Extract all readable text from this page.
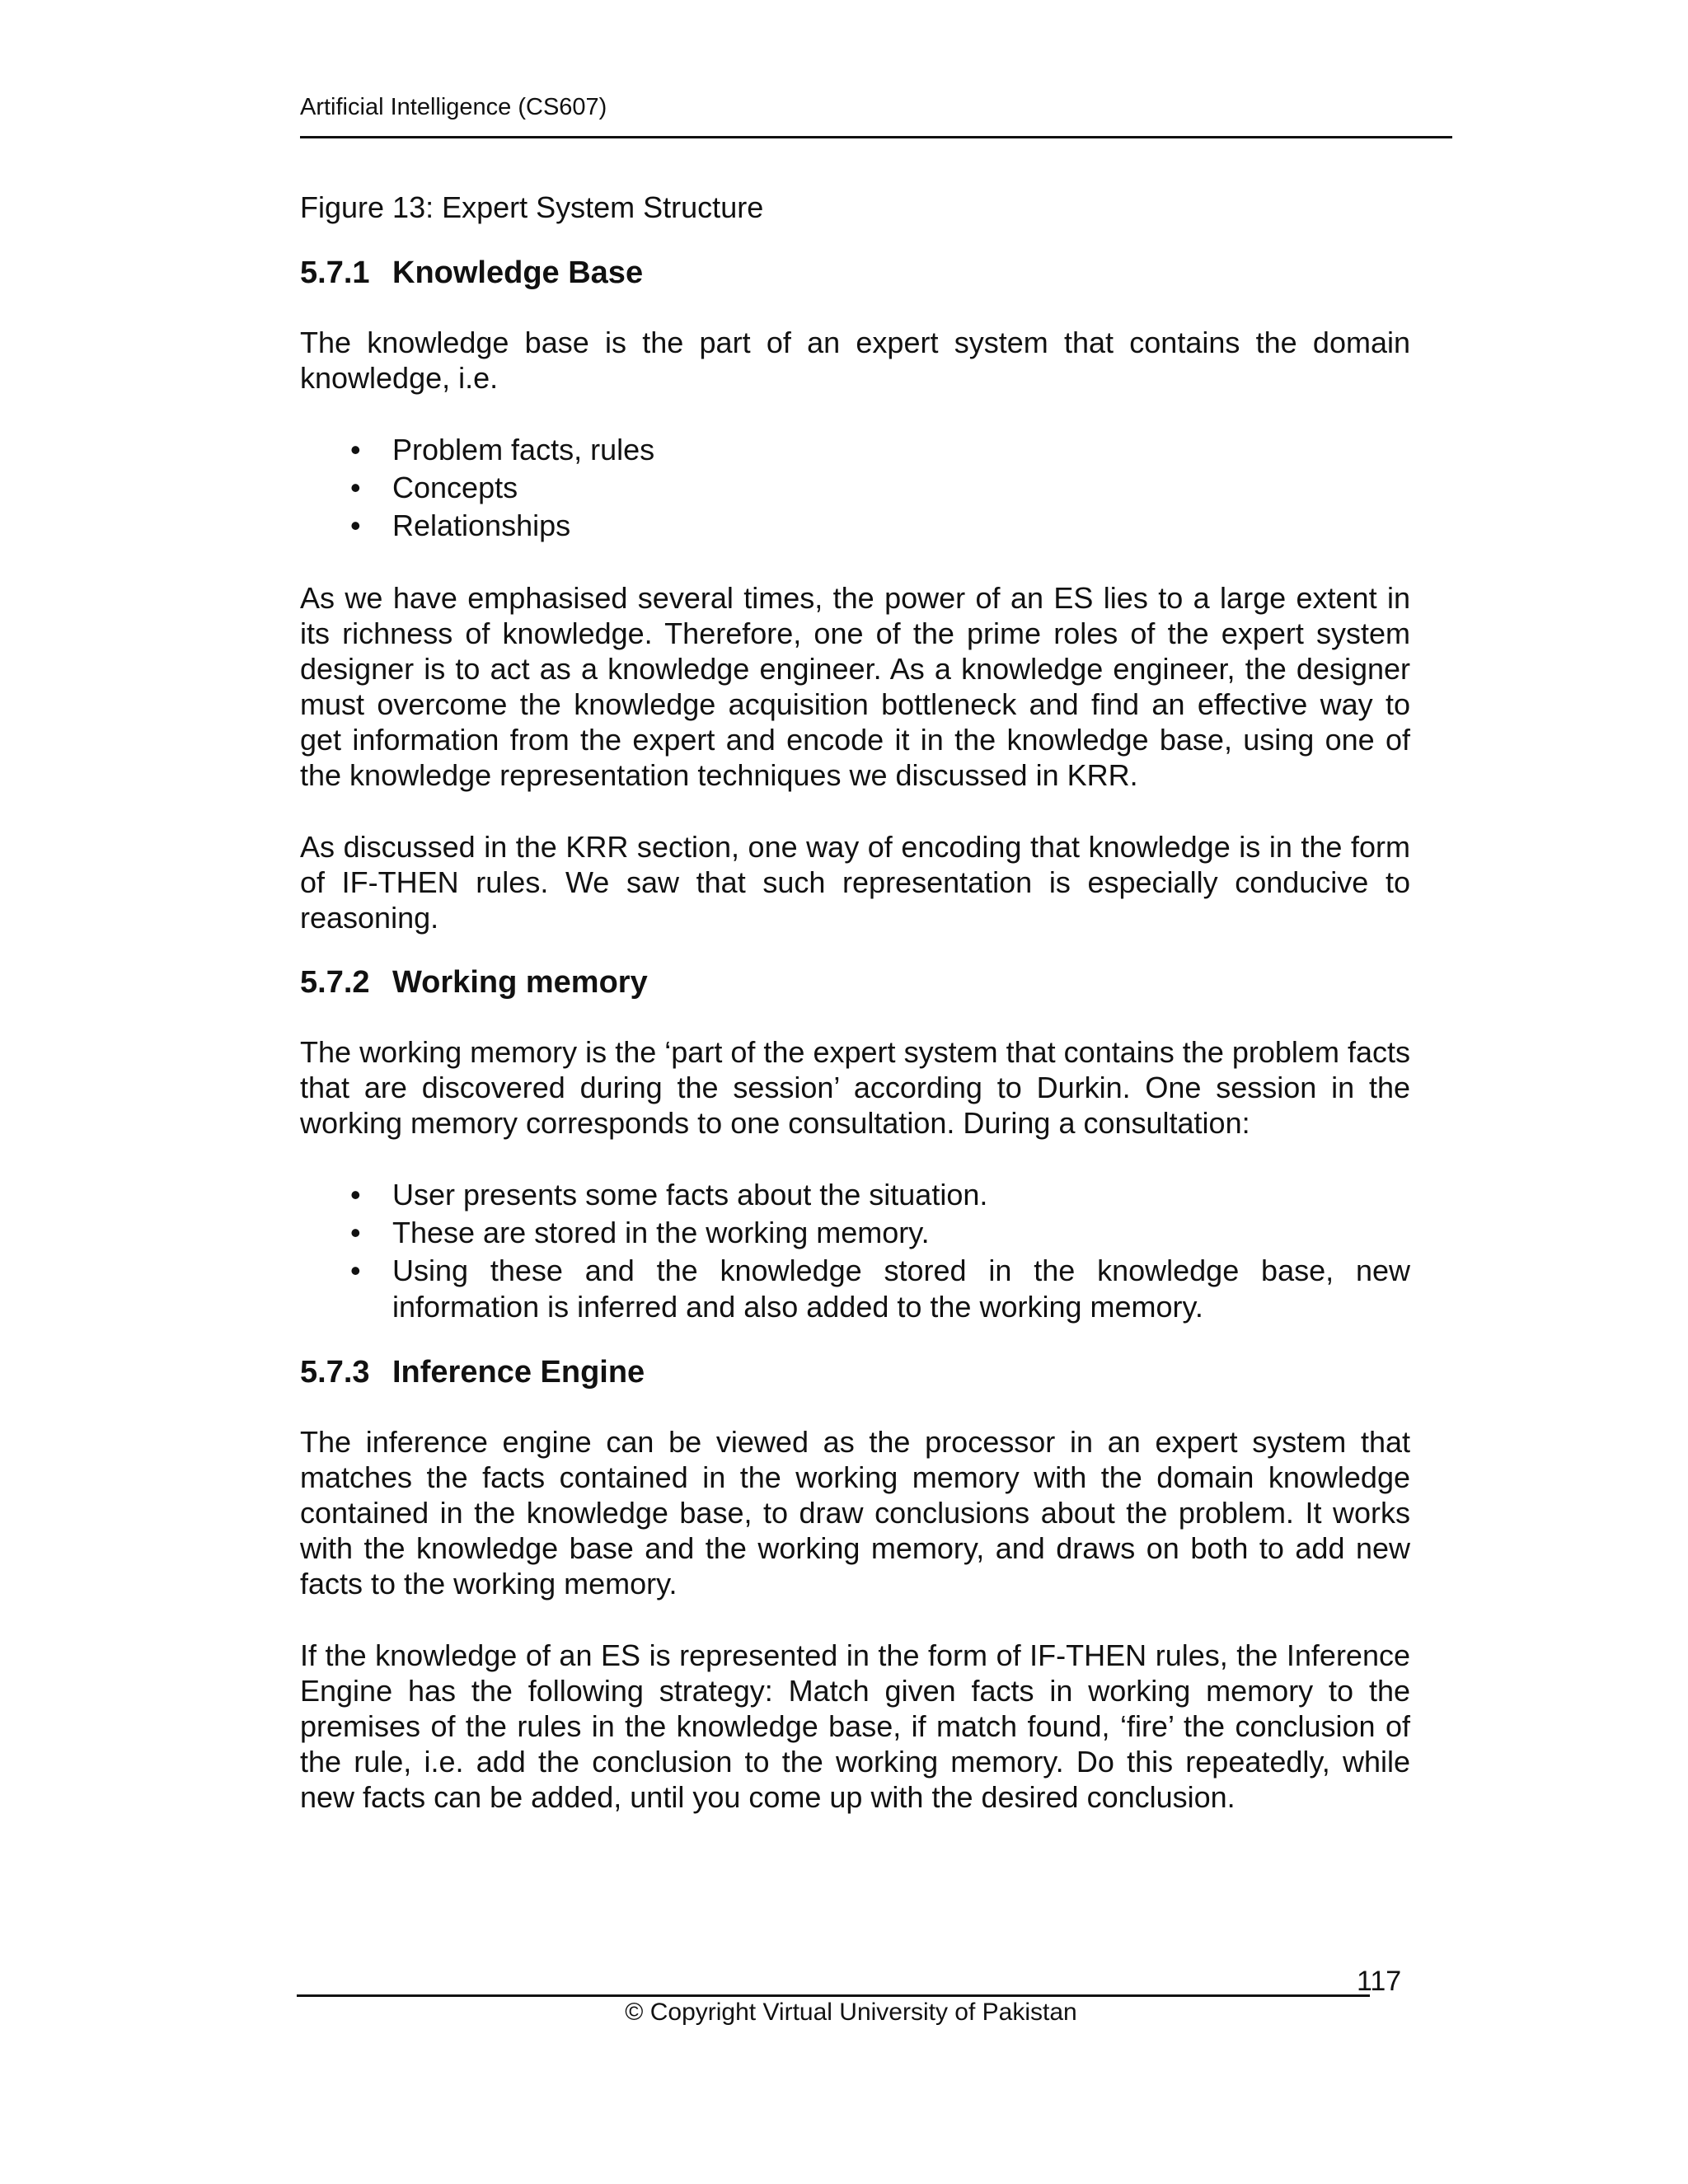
Artificial Intelligence (CS607)

Figure 13: Expert System Structure

5.7.1 Knowledge Base

The knowledge base is the part of an expert system that contains the domain knowledge, i.e.

• Problem facts, rules
• Concepts
• Relationships

As we have emphasised several times, the power of an ES lies to a large extent in its richness of knowledge. Therefore, one of the prime roles of the expert system designer is to act as a knowledge engineer. As a knowledge engineer, the designer must overcome the knowledge acquisition bottleneck and find an effective way to get information from the expert and encode it in the knowledge base, using one of the knowledge representation techniques we discussed in KRR.

As discussed in the KRR section, one way of encoding that knowledge is in the form of IF-THEN rules. We saw that such representation is especially conducive to reasoning.

5.7.2 Working memory

The working memory is the ‘part of the expert system that contains the problem facts that are discovered during the session’ according to Durkin. One session in the working memory corresponds to one consultation. During a consultation:

• User presents some facts about the situation.
• These are stored in the working memory.
• Using these and the knowledge stored in the knowledge base, new information is inferred and also added to the working memory.
5.7.3 Inference Engine

The inference engine can be viewed as the processor in an expert system that matches the facts contained in the working memory with the domain knowledge contained in the knowledge base, to draw conclusions about the problem. It works with the knowledge base and the working memory, and draws on both to add new facts to the working memory.

If the knowledge of an ES is represented in the form of IF-THEN rules, the Inference Engine has the following strategy: Match given facts in working memory to the premises of the rules in the knowledge base, if match found, ‘fire’ the conclusion of the rule, i.e. add the conclusion to the working memory. Do this repeatedly, while new facts can be added, until you come up with the desired conclusion.

117
© Copyright Virtual University of Pakistan
